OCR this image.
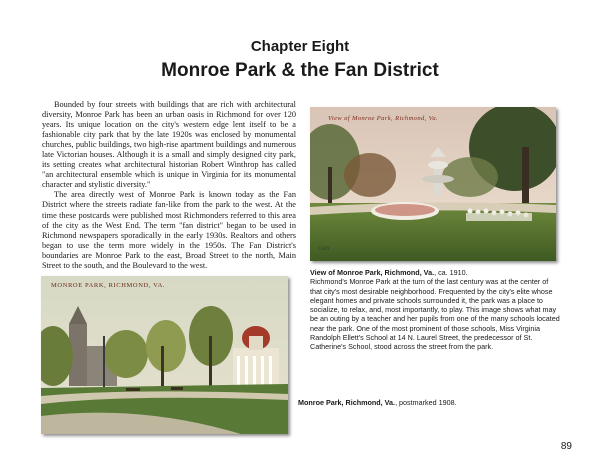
Chapter Eight
Monroe Park & the Fan District

Bounded by four streets with buildings that are rich with architectural diversity, Monroe Park has been an urban oasis in Richmond for over 120 years. Its unique location on the city's western edge lent itself to be a fashionable city park that by the late 1920s was enclosed by monumental churches, public buildings, two high-rise apartment buildings and numerous late Victorian houses. Although it is a small and simply designed city park, its setting creates what architectural historian Robert Winthrop has called "an architectural ensemble which is unique in Virginia for its monumental character and stylistic diversity."

The area directly west of Monroe Park is known today as the Fan District where the streets radiate fan-like from the park to the west. At the time these postcards were published most Richmonders referred to this area of the city as the West End. The term "fan district" began to be used in Richmond newspapers sporadically in the early 1930s. Realtors and others began to use the term more widely in the 1950s. The Fan District's boundaries are Monroe Park to the east, Broad Street to the north, Main Street to the south, and the Boulevard to the west.

View of Monroe Park, Richmond, Va.
7589
MONROE PARK, RICHMOND, VA.

View of Monroe Park, Richmond, Va., ca. 1910.
Richmond's Monroe Park at the turn of the last century was at the center of that city's most desirable neighborhood. Frequented by the city's elite whose elegant homes and private schools surrounded it, the park was a place to socialize, to relax, and, most importantly, to play. This image shows what may be an outing by a teacher and her pupils from one of the many schools located near the park. One of the most prominent of those schools, Miss Virginia Randolph Ellett's School at 14 N. Laurel Street, the predecessor of St. Catherine's School, stood across the street from the park.

Monroe Park, Richmond, Va., postmarked 1908.

89
